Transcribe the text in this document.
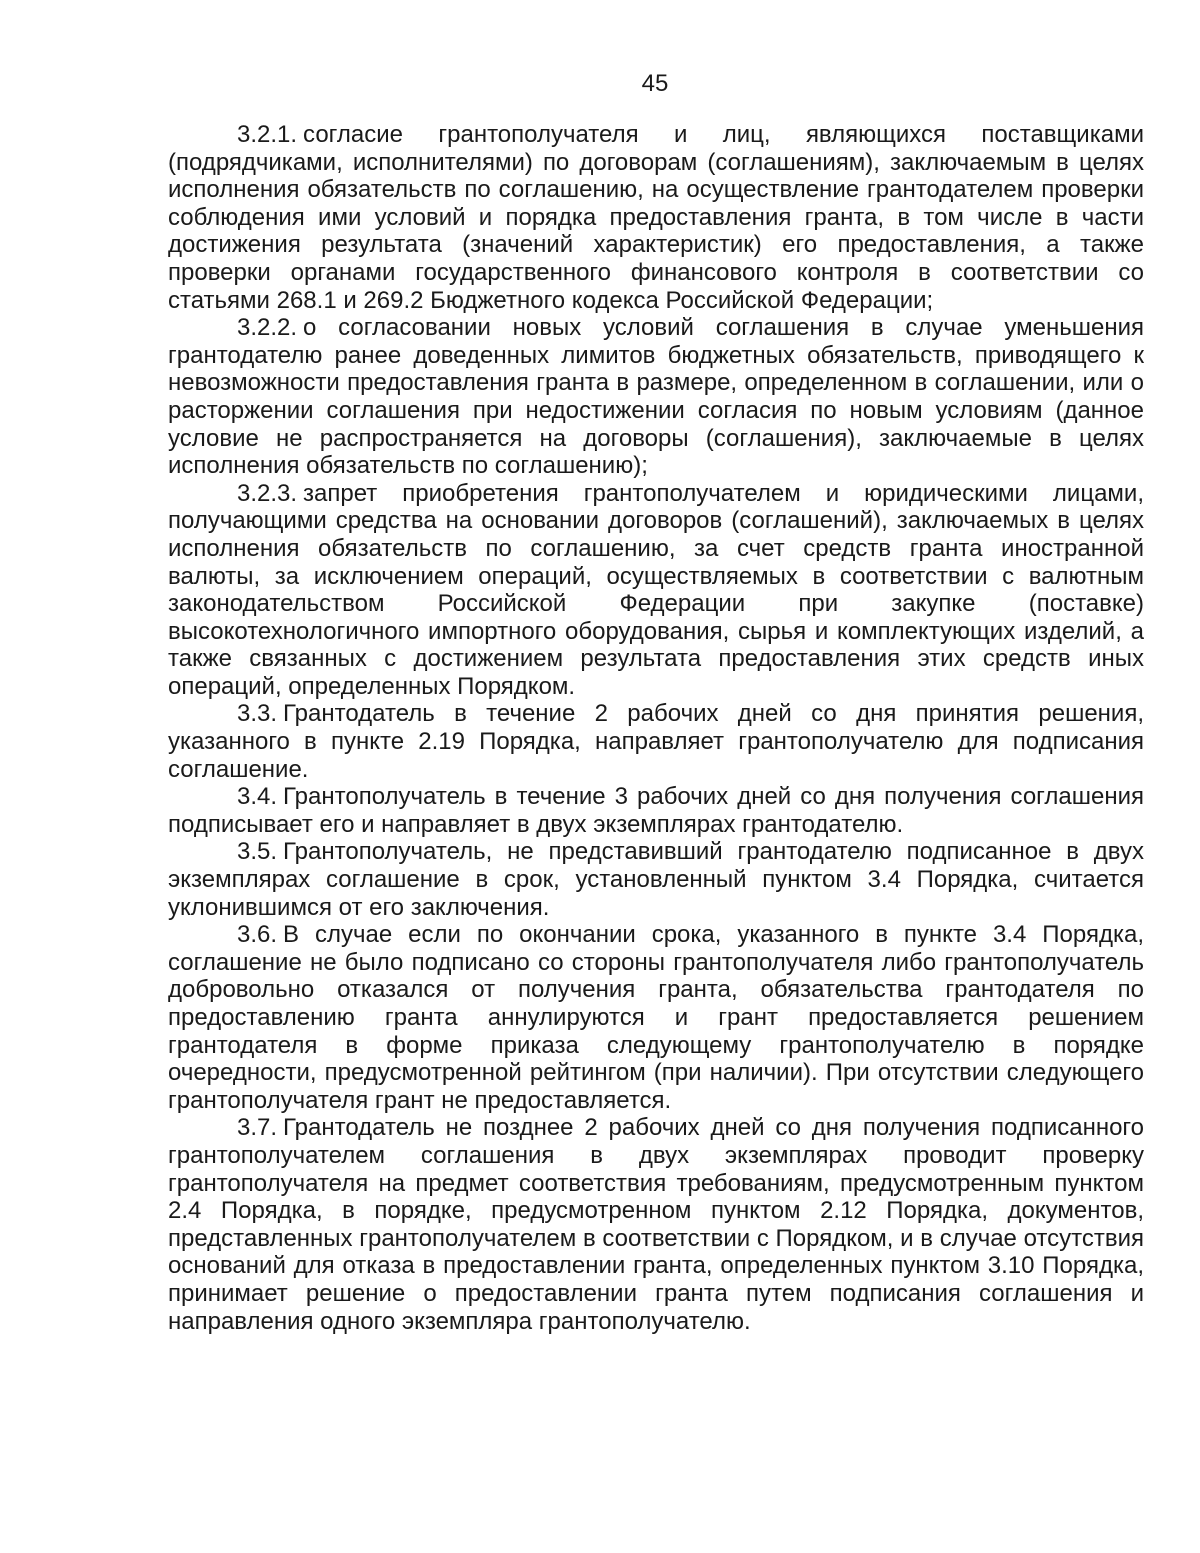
45

3.2.1. согласие грантополучателя и лиц, являющихся поставщиками (подрядчиками, исполнителями) по договорам (соглашениям), заключаемым в целях исполнения обязательств по соглашению, на осуществление грантодателем проверки соблюдения ими условий и порядка предоставления гранта, в том числе в части достижения результата (значений характеристик) его предоставления, а также проверки органами государственного финансового контроля в соответствии со статьями 268.1 и 269.2 Бюджетного кодекса Российской Федерации;

3.2.2. о согласовании новых условий соглашения в случае уменьшения грантодателю ранее доведенных лимитов бюджетных обязательств, приводящего к невозможности предоставления гранта в размере, определенном в соглашении, или о расторжении соглашения при недостижении согласия по новым условиям (данное условие не распространяется на договоры (соглашения), заключаемые в целях исполнения обязательств по соглашению);

3.2.3. запрет приобретения грантополучателем и юридическими лицами, получающими средства на основании договоров (соглашений), заключаемых в целях исполнения обязательств по соглашению, за счет средств гранта иностранной валюты, за исключением операций, осуществляемых в соответствии с валютным законодательством Российской Федерации при закупке (поставке) высокотехнологичного импортного оборудования, сырья и комплектующих изделий, а также связанных с достижением результата предоставления этих средств иных операций, определенных Порядком.

3.3. Грантодатель в течение 2 рабочих дней со дня принятия решения, указанного в пункте 2.19 Порядка, направляет грантополучателю для подписания соглашение.

3.4. Грантополучатель в течение 3 рабочих дней со дня получения соглашения подписывает его и направляет в двух экземплярах грантодателю.

3.5. Грантополучатель, не представивший грантодателю подписанное в двух экземплярах соглашение в срок, установленный пунктом 3.4 Порядка, считается уклонившимся от его заключения.

3.6. В случае если по окончании срока, указанного в пункте 3.4 Порядка, соглашение не было подписано со стороны грантополучателя либо грантополучатель добровольно отказался от получения гранта, обязательства грантодателя по предоставлению гранта аннулируются и грант предоставляется решением грантодателя в форме приказа следующему грантополучателю в порядке очередности, предусмотренной рейтингом (при наличии). При отсутствии следующего грантополучателя грант не предоставляется.

3.7. Грантодатель не позднее 2 рабочих дней со дня получения подписанного грантополучателем соглашения в двух экземплярах проводит проверку грантополучателя на предмет соответствия требованиям, предусмотренным пунктом 2.4 Порядка, в порядке, предусмотренном пунктом 2.12 Порядка, документов, представленных грантополучателем в соответствии с Порядком, и в случае отсутствия оснований для отказа в предоставлении гранта, определенных пунктом 3.10 Порядка, принимает решение о предоставлении гранта путем подписания соглашения и направления одного экземпляра грантополучателю.
